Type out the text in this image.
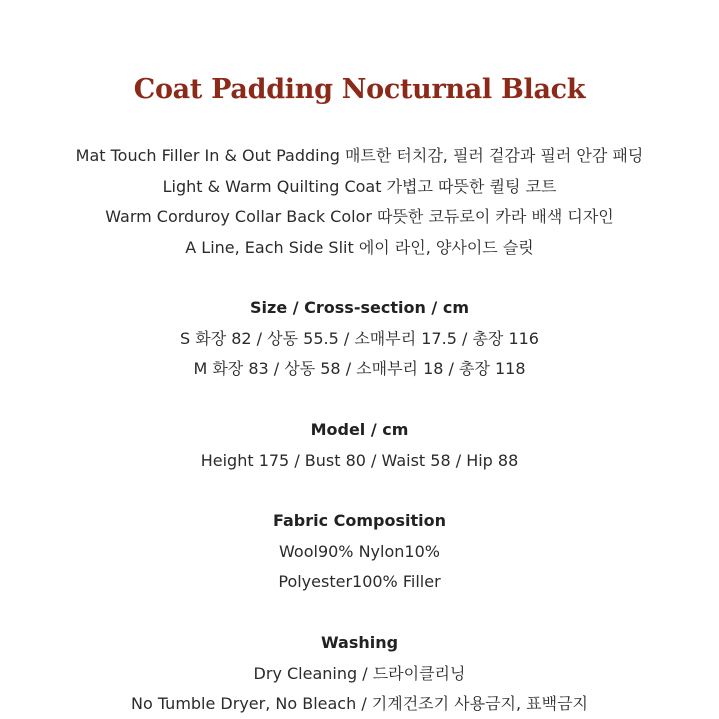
Coat Padding Nocturnal Black
Mat Touch Filler In & Out Padding 매트한 터치감, 필러 겉감과 필러 안감 패딩
Light & Warm Quilting Coat 가볍고 따뜻한 퀼팅 코트
Warm Corduroy Collar Back Color 따뜻한 코듀로이 카라 배색 디자인
A Line, Each Side Slit 에이 라인, 양사이드 슬릿
Size / Cross-section / cm
S 화장 82 / 상동 55.5 / 소매부리 17.5 / 총장 116
M 화장 83 / 상동 58 / 소매부리 18 / 총장 118
Model / cm
Height 175 / Bust 80 / Waist 58 / Hip 88
Fabric Composition
Wool90% Nylon10%
Polyester100% Filler
Washing
Dry Cleaning / 드라이클리닝
No Tumble Dryer, No Bleach / 기계건조기 사용금지, 표백금지
